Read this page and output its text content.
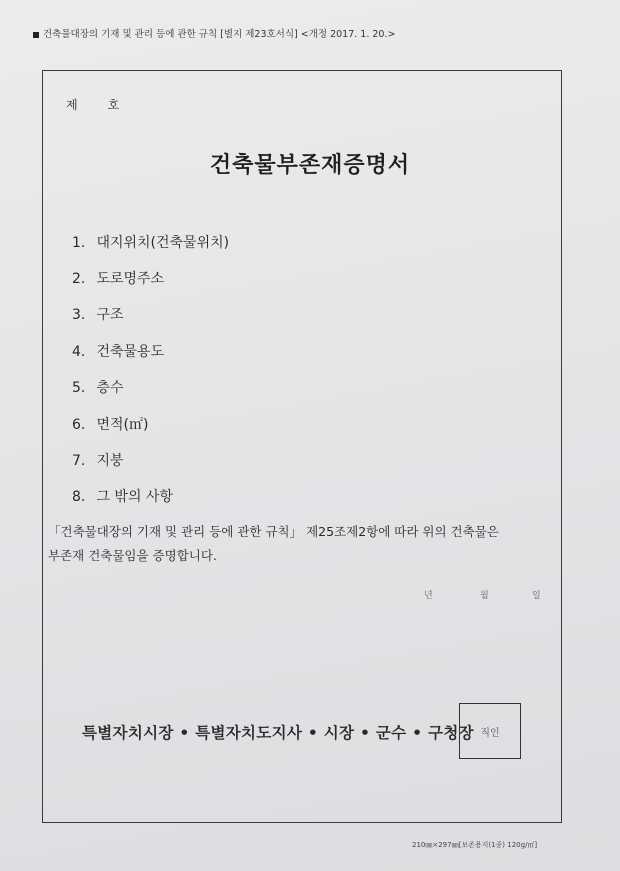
건축물대장의 기재 및 관리 등에 관한 규칙 [별지 제23호서식] <개정 2017. 1. 20.>
제	호
건축물부존재증명서
1. 대지위치(건축물위치)
2. 도로명주소
3. 구조
4. 건축물용도
5. 층수
6. 면적(㎡)
7. 지붕
8. 그 밖의 사항
「건축물대장의 기재 및 관리 등에 관한 규칙」 제25조제2항에 따라 위의 건축물은
부존재 건축물임을 증명합니다.
년	월	일
특별자치시장 • 특별자치도지사 • 시장 • 군수 • 구청장 직인
210㎜×297㎜[보존용지(1종) 120g/㎡]
